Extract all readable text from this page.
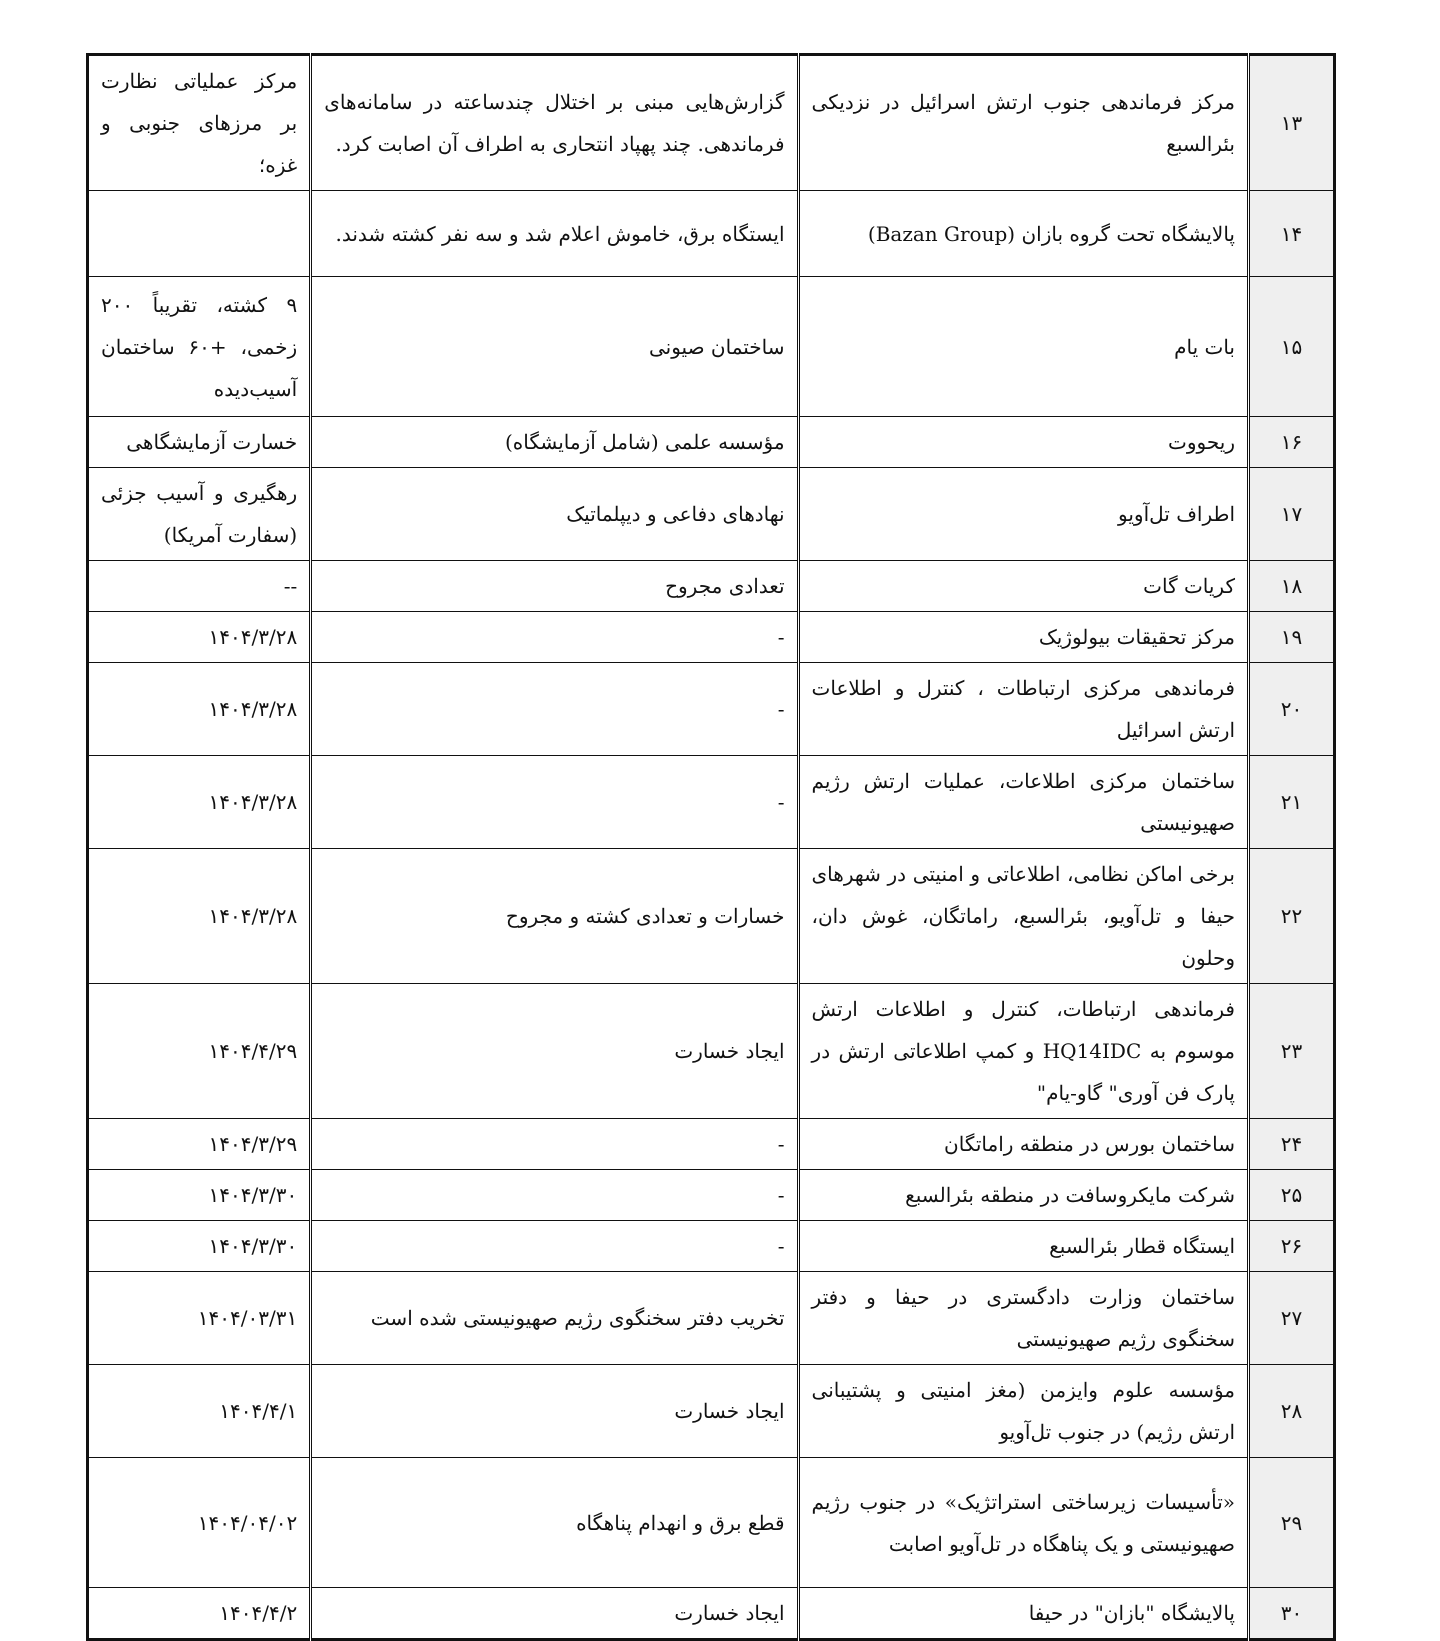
۱۳	مرکز فرماندهی جنوب ارتش اسرائیل در نزدیکی بئرالسبع	گزارش‌هایی مبنی بر اختلال چندساعته در سامانه‌های فرماندهی. چند پهپاد انتحاری به اطراف آن اصابت کرد.	مرکز عملیاتی نظارت بر مرزهای جنوبی و غزه؛
۱۴	پالایشگاه تحت گروه بازان (Bazan Group)	ایستگاه برق، خاموش اعلام شد و سه نفر کشته شدند.	
۱۵	بات یام	ساختمان صیونی	۹ کشته، تقریباً ۲۰۰ زخمی، +۶۰ ساختمان آسیب‌دیده
۱۶	ریحووت	مؤسسه علمی (شامل آزمایشگاه)	خسارت آزمایشگاهی
۱۷	اطراف تل‌آویو	نهادهای دفاعی و دیپلماتیک	رهگیری و آسیب جزئی (سفارت آمریکا)
۱۸	کریات گات	تعدادی مجروح	--
۱۹	مرکز تحقیقات بیولوژیک	-	۱۴۰۴/۳/۲۸
۲۰	فرماندهی مرکزی ارتباطات ، کنترل و اطلاعات ارتش اسرائیل	-	۱۴۰۴/۳/۲۸
۲۱	ساختمان مرکزی اطلاعات، عملیات ارتش رژیم صهیونیستی	-	۱۴۰۴/۳/۲۸
۲۲	برخی اماکن نظامی، اطلاعاتی و امنیتی در شهرهای حیفا و تل‌آویو، بئرالسبع، راماتگان، غوش دان، وحلون	خسارات و تعدادی کشته و مجروح	۱۴۰۴/۳/۲۸
۲۳	فرماندهی ارتباطات، کنترل و اطلاعات ارتش موسوم به HQ14IDC و کمپ اطلاعاتی ارتش در پارک فن آوری" گاو-یام"	ایجاد خسارت	۱۴۰۴/۴/۲۹
۲۴	ساختمان بورس در منطقه راماتگان	-	۱۴۰۴/۳/۲۹
۲۵	شرکت مایکروسافت در منطقه بئرالسبع	-	۱۴۰۴/۳/۳۰
۲۶	ایستگاه قطار بئرالسبع	-	۱۴۰۴/۳/۳۰
۲۷	ساختمان وزارت دادگستری در حیفا و دفتر سخنگوی رژیم صهیونیستی	تخریب دفتر سخنگوی رژیم صهیونیستی شده است	۱۴۰۴/۰۳/۳۱
۲۸	مؤسسه علوم وایزمن (مغز امنیتی و پشتیبانی ارتش رژیم) در جنوب تل‌آویو	ایجاد خسارت	۱۴۰۴/۴/۱
۲۹	«تأسیسات زیرساختی استراتژیک» در جنوب رژیم صهیونیستی و یک پناهگاه در تل‌آویو اصابت	قطع برق و انهدام پناهگاه	۱۴۰۴/۰۴/۰۲
۳۰	پالایشگاه "بازان" در حیفا	ایجاد خسارت	۱۴۰۴/۴/۲
